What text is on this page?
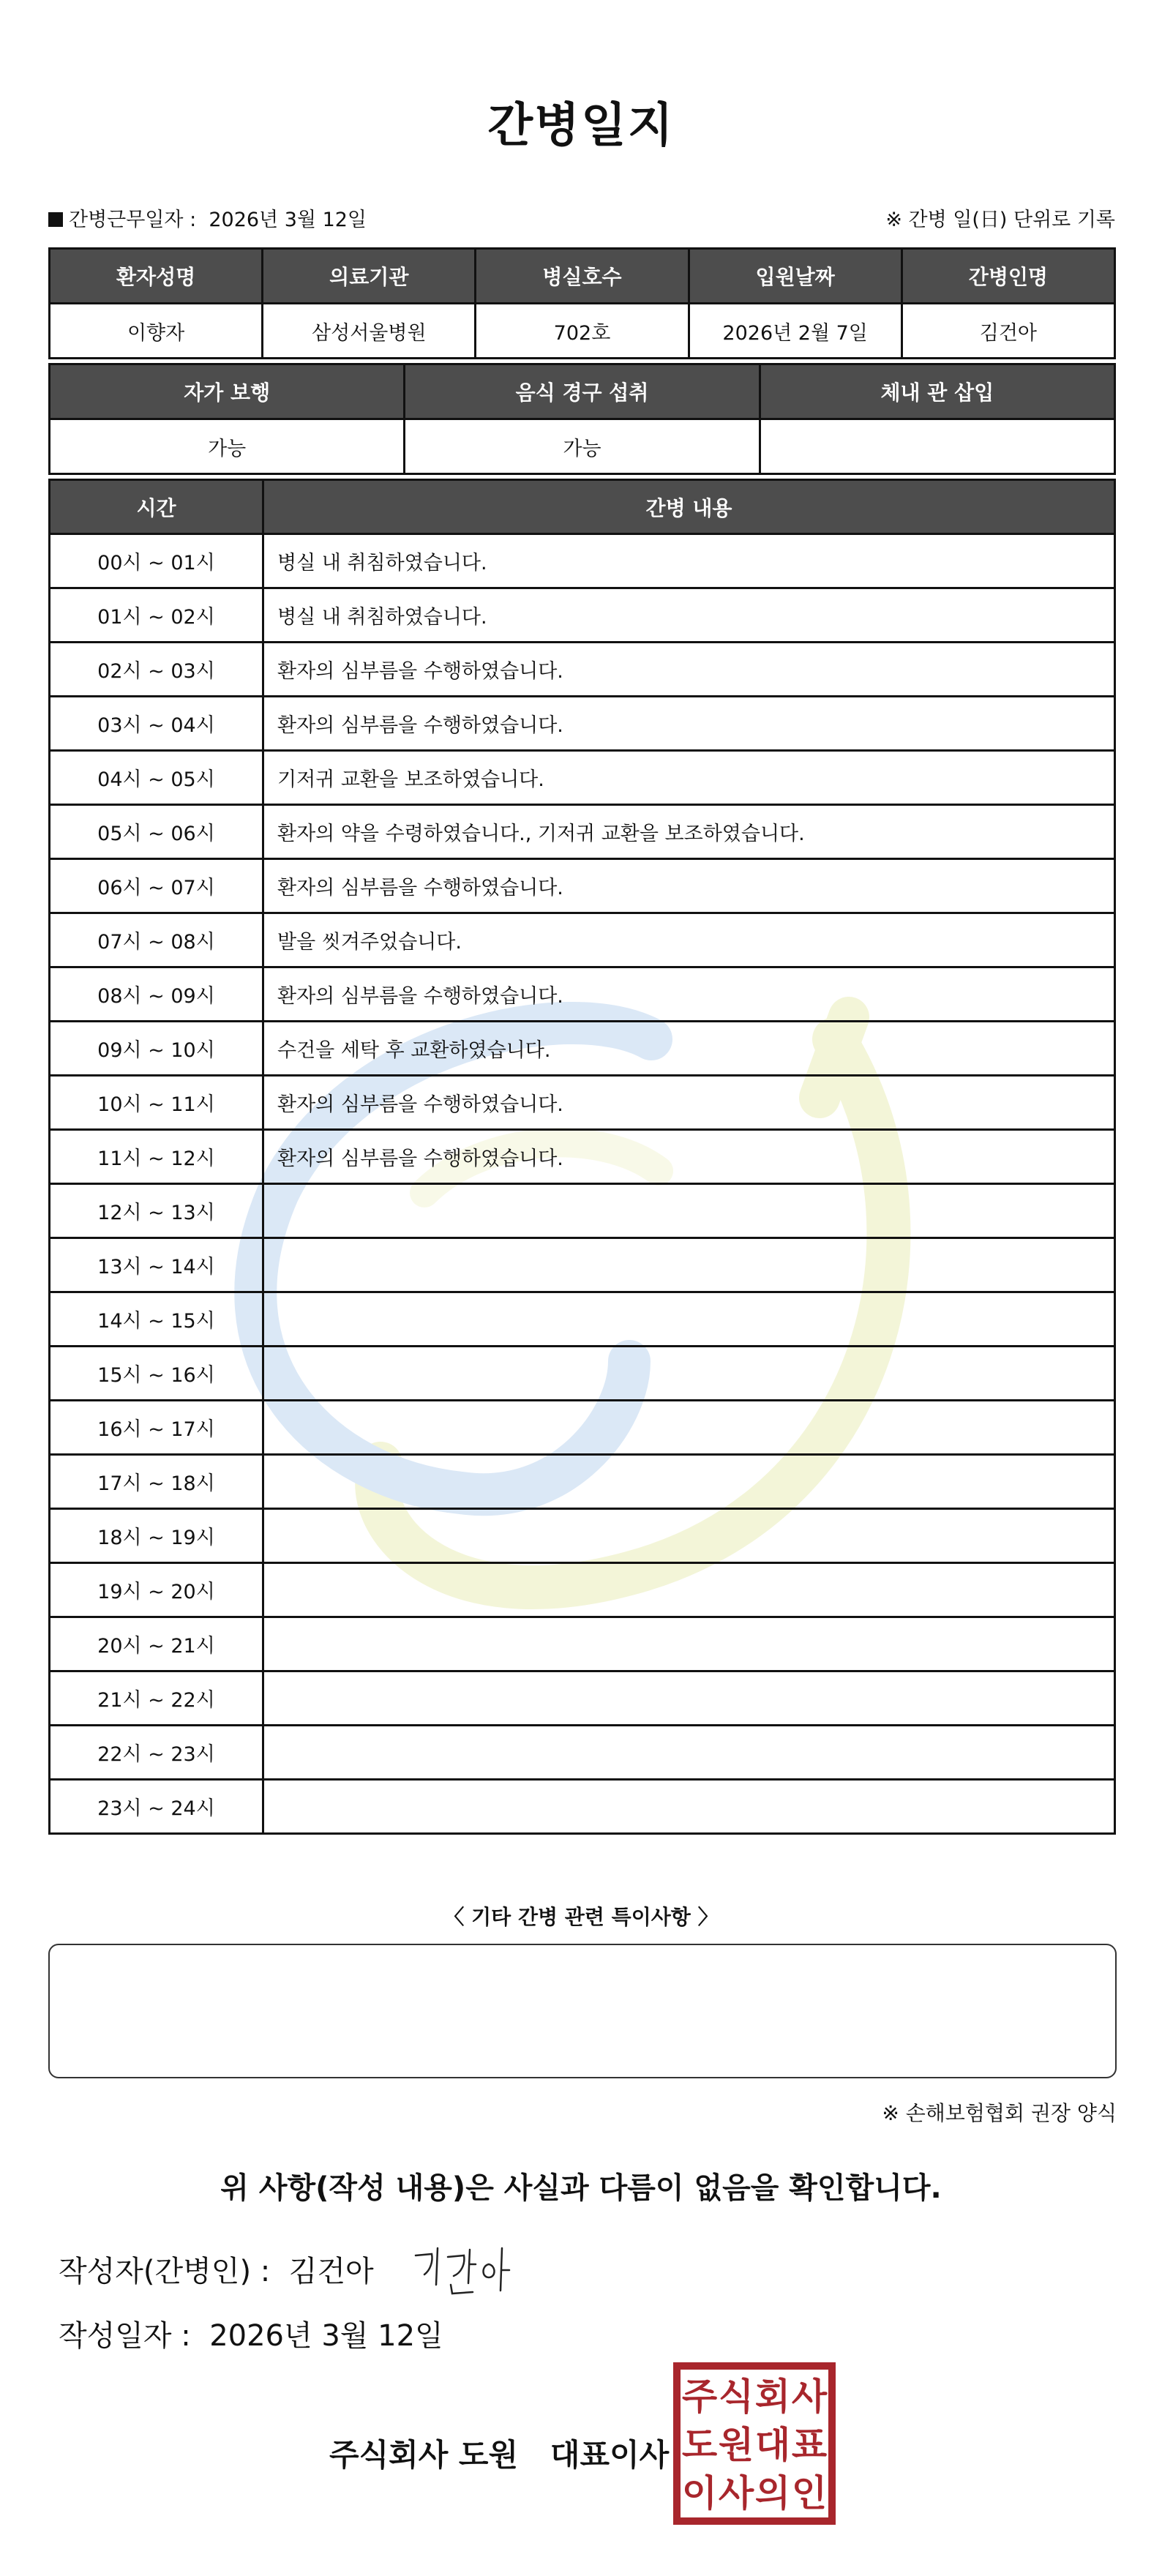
간병일지
간병근무일자 : 2026년 3월 12일	※ 간병 일(日) 단위로 기록
환자성명	의료기관	병실호수	입원날짜	간병인명
이향자	삼성서울병원	702호	2026년 2월 7일	김건아
자가 보행	음식 경구 섭취	체내 관 삽입
가능	가능	
시간	간병 내용
00시 ~ 01시	병실 내 취침하였습니다.
01시 ~ 02시	병실 내 취침하였습니다.
02시 ~ 03시	환자의 심부름을 수행하였습니다.
03시 ~ 04시	환자의 심부름을 수행하였습니다.
04시 ~ 05시	기저귀 교환을 보조하였습니다.
05시 ~ 06시	환자의 약을 수령하였습니다., 기저귀 교환을 보조하였습니다.
06시 ~ 07시	환자의 심부름을 수행하였습니다.
07시 ~ 08시	발을 씻겨주었습니다.
08시 ~ 09시	환자의 심부름을 수행하였습니다.
09시 ~ 10시	수건을 세탁 후 교환하였습니다.
10시 ~ 11시	환자의 심부름을 수행하였습니다.
11시 ~ 12시	환자의 심부름을 수행하였습니다.
12시 ~ 13시	
13시 ~ 14시	
14시 ~ 15시	
15시 ~ 16시	
16시 ~ 17시	
17시 ~ 18시	
18시 ~ 19시	
19시 ~ 20시	
20시 ~ 21시	
21시 ~ 22시	
22시 ~ 23시	
23시 ~ 24시	
〈 기타 간병 관련 특이사항 〉
※ 손해보험협회 권장 양식
위 사항(작성 내용)은 사실과 다름이 없음을 확인합니다.
작성자(간병인) : 김건아
작성일자 : 2026년 3월 12일
주식회사 도원   대표이사
주 식 회 사
도 원 대 표
이 사 의 인
